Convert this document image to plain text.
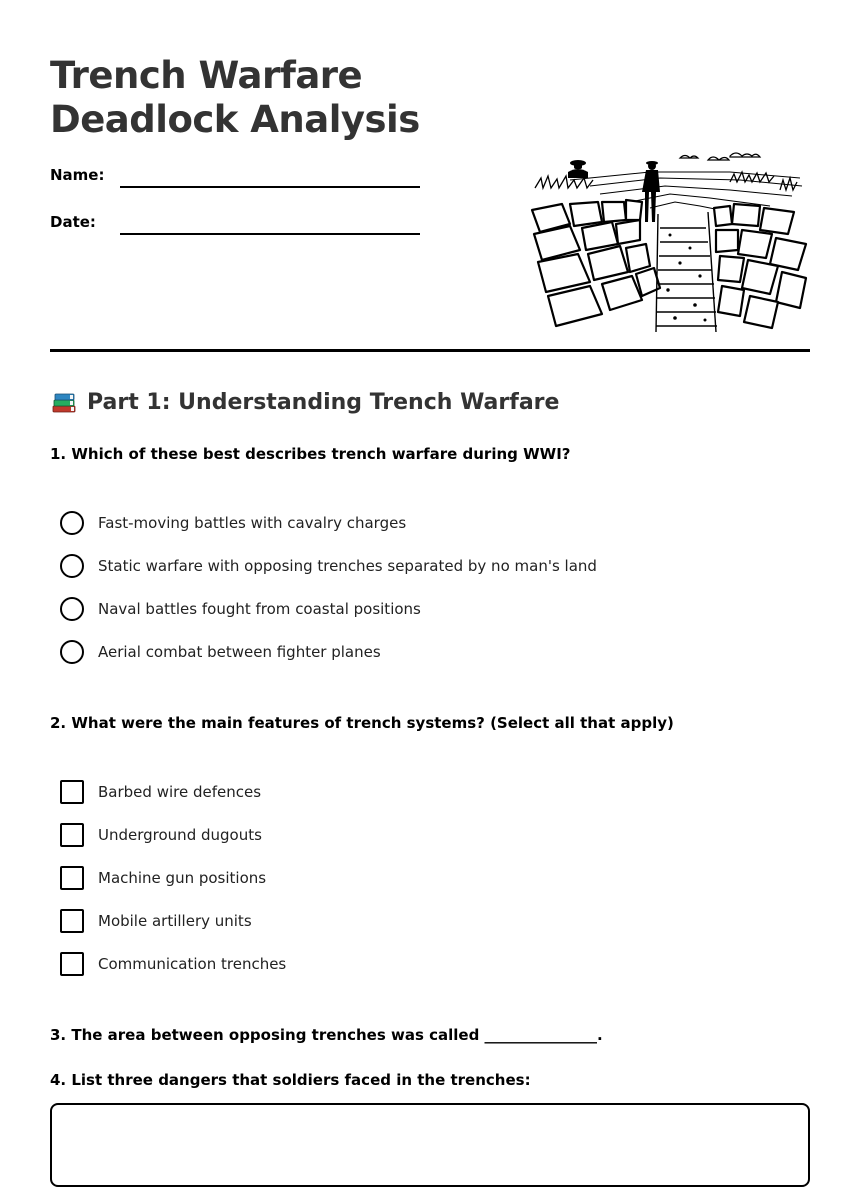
Trench Warfare
Deadlock Analysis
Name:
Date:
Part 1: Understanding Trench Warfare
1. Which of these best describes trench warfare during WWI?
Fast-moving battles with cavalry charges
Static warfare with opposing trenches separated by no man's land
Naval battles fought from coastal positions
Aerial combat between fighter planes
2. What were the main features of trench systems? (Select all that apply)
Barbed wire defences
Underground dugouts
Machine gun positions
Mobile artillery units
Communication trenches
3. The area between opposing trenches was called _______________.
4. List three dangers that soldiers faced in the trenches:
